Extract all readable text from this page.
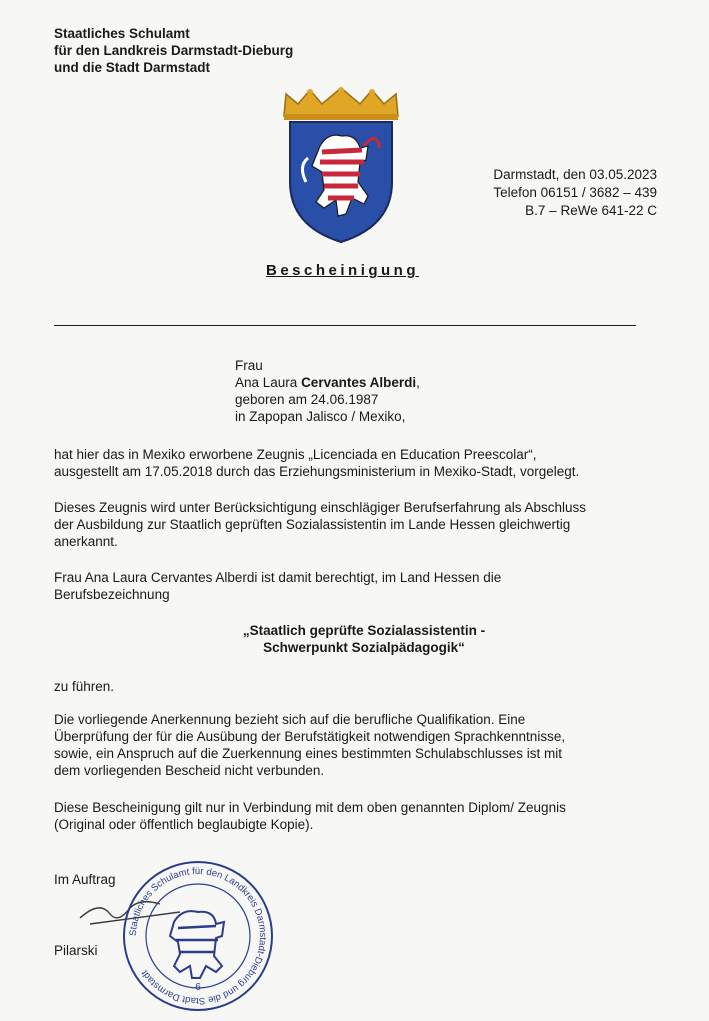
Staatliches Schulamt
für den Landkreis Darmstadt-Dieburg
und die Stadt Darmstadt
Darmstadt, den 03.05.2023
Telefon 06151 / 3682 – 439
B.7 – ReWe 641-22 C
Bescheinigung
Frau
Ana Laura Cervantes Alberdi,
geboren am 24.06.1987
in Zapopan Jalisco / Mexiko,
hat hier das in Mexiko erworbene Zeugnis „Licenciada en Education Preescolar“,
ausgestellt am 17.05.2018 durch das Erziehungsministerium in Mexiko-Stadt, vorgelegt.
Dieses Zeugnis wird unter Berücksichtigung einschlägiger Berufserfahrung als Abschluss
der Ausbildung zur Staatlich geprüften Sozialassistentin im Lande Hessen gleichwertig
anerkannt.
Frau Ana Laura Cervantes Alberdi ist damit berechtigt, im Land Hessen die
Berufsbezeichnung
„Staatlich geprüfte Sozialassistentin -
Schwerpunkt Sozialpädagogik“
zu führen.
Die vorliegende Anerkennung bezieht sich auf die berufliche Qualifikation. Eine
Überprüfung der für die Ausübung der Berufstätigkeit notwendigen Sprachkenntnisse,
sowie, ein Anspruch auf die Zuerkennung eines bestimmten Schulabschlusses ist mit
dem vorliegenden Bescheid nicht verbunden.
Diese Bescheinigung gilt nur in Verbindung mit dem oben genannten Diplom/ Zeugnis
(Original oder öffentlich beglaubigte Kopie).
Im Auftrag
Pilarski
Staatliches Schulamt für den Landkreis Darmstadt-Dieburg und die Stadt Darmstadt
6
